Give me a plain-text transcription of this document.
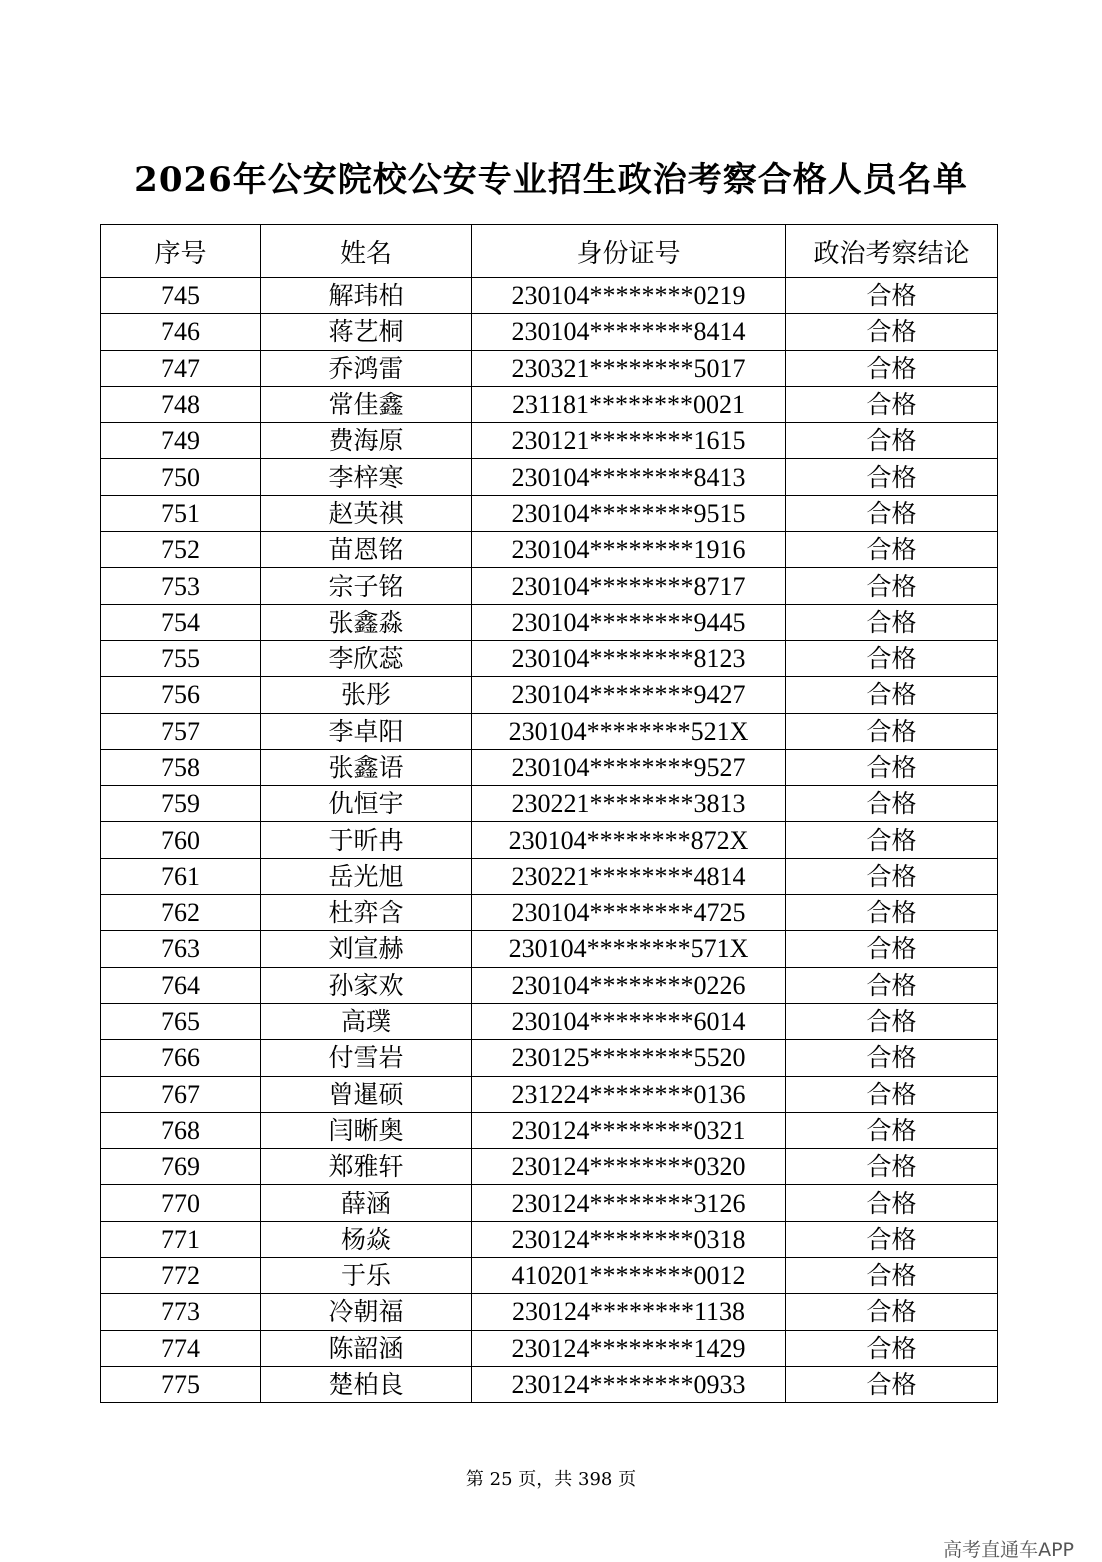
2026年公安院校公安专业招生政治考察合格人员名单
序号	姓名	身份证号	政治考察结论
745	解玮柏	230104********0219	合格
746	蒋艺桐	230104********8414	合格
747	乔鸿雷	230321********5017	合格
748	常佳鑫	231181********0021	合格
749	费海原	230121********1615	合格
750	李梓寒	230104********8413	合格
751	赵英祺	230104********9515	合格
752	苗恩铭	230104********1916	合格
753	宗子铭	230104********8717	合格
754	张鑫淼	230104********9445	合格
755	李欣蕊	230104********8123	合格
756	张彤	230104********9427	合格
757	李卓阳	230104********521X	合格
758	张鑫语	230104********9527	合格
759	仇恒宇	230221********3813	合格
760	于昕冉	230104********872X	合格
761	岳光旭	230221********4814	合格
762	杜弈含	230104********4725	合格
763	刘宣赫	230104********571X	合格
764	孙家欢	230104********0226	合格
765	高璞	230104********6014	合格
766	付雪岩	230125********5520	合格
767	曾暹硕	231224********0136	合格
768	闫晰奥	230124********0321	合格
769	郑雅轩	230124********0320	合格
770	薛涵	230124********3126	合格
771	杨焱	230124********0318	合格
772	于乐	410201********0012	合格
773	冷朝福	230124********1138	合格
774	陈韶涵	230124********1429	合格
775	楚柏良	230124********0933	合格
第 25 页，共 398 页
高考直通车APP
